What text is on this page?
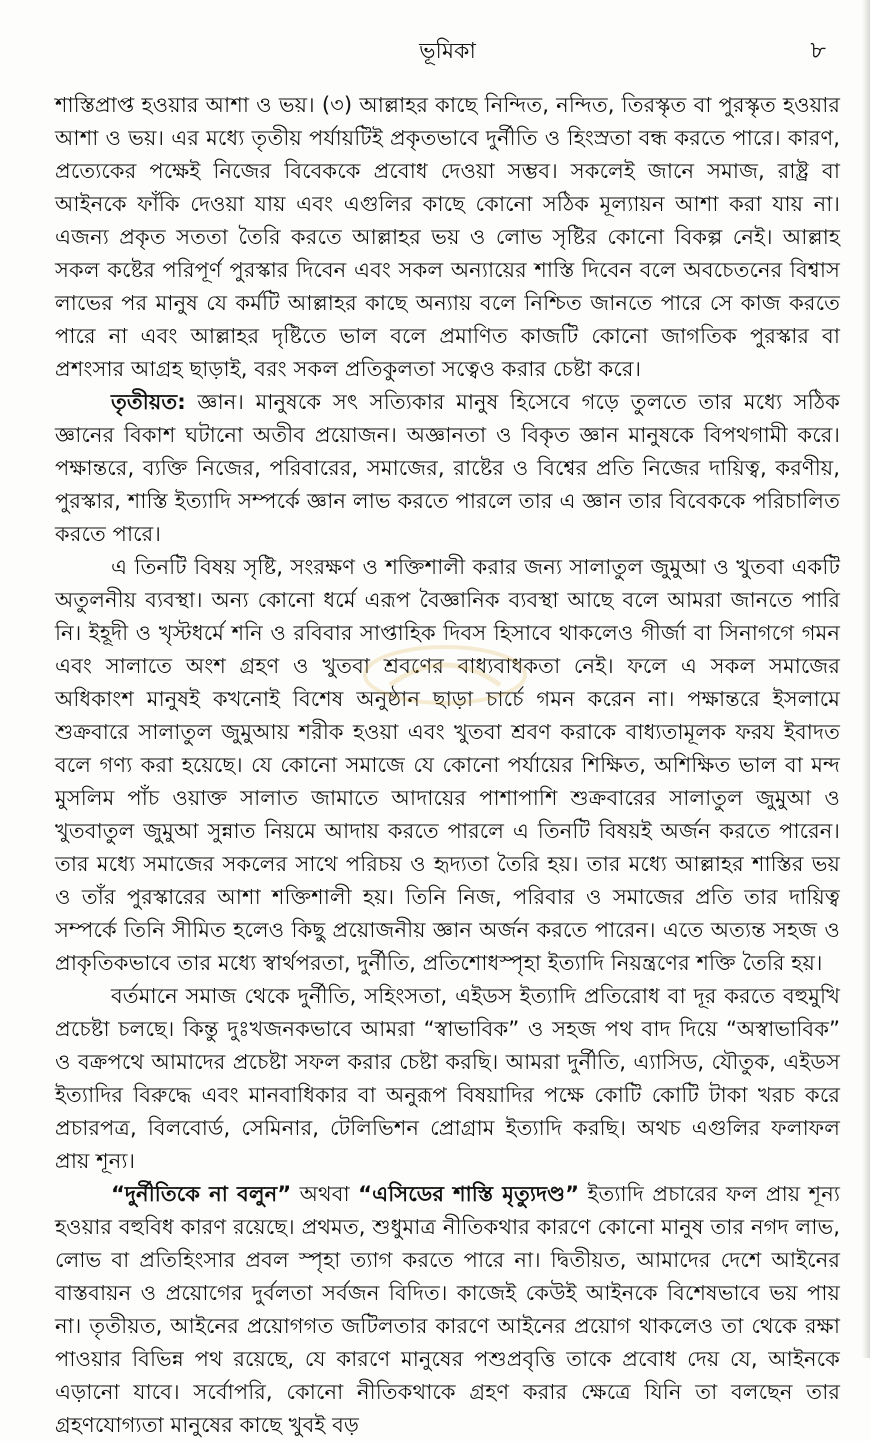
ভূমিকা	৮

শাস্তিপ্রাপ্ত হওয়ার আশা ও ভয়। (৩) আল্লাহর কাছে নিন্দিত, নন্দিত, তিরস্কৃত বা পুরস্কৃত হওয়ার আশা ও ভয়। এর মধ্যে তৃতীয় পর্যায়টিই প্রকৃতভাবে দুর্নীতি ও হিংস্রতা বন্ধ করতে পারে। কারণ, প্রত্যেকের পক্ষেই নিজের বিবেককে প্রবোধ দেওয়া সম্ভব। সকলেই জানে সমাজ, রাষ্ট্র বা আইনকে ফাঁকি দেওয়া যায় এবং এগুলির কাছে কোনো সঠিক মূল্যায়ন আশা করা যায় না। এজন্য প্রকৃত সততা তৈরি করতে আল্লাহর ভয় ও লোভ সৃষ্টির কোনো বিকল্প নেই। আল্লাহ সকল কষ্টের পরিপূর্ণ পুরস্কার দিবেন এবং সকল অন্যায়ের শাস্তি দিবেন বলে অবচেতনের বিশ্বাস লাভের পর মানুষ যে কর্মটি আল্লাহর কাছে অন্যায় বলে নিশ্চিত জানতে পারে সে কাজ করতে পারে না এবং আল্লাহর দৃষ্টিতে ভাল বলে প্রমাণিত কাজটি কোনো জাগতিক পুরস্কার বা প্রশংসার আগ্রহ ছাড়াই, বরং সকল প্রতিকুলতা সত্বেও করার চেষ্টা করে।

তৃতীয়ত: জ্ঞান। মানুষকে সৎ সত্যিকার মানুষ হিসেবে গড়ে তুলতে তার মধ্যে সঠিক জ্ঞানের বিকাশ ঘটানো অতীব প্রয়োজন। অজ্ঞানতা ও বিকৃত জ্ঞান মানুষকে বিপথগামী করে। পক্ষান্তরে, ব্যক্তি নিজের, পরিবারের, সমাজের, রাষ্টের ও বিশ্বের প্রতি নিজের দায়িত্ব, করণীয়, পুরস্কার, শাস্তি ইত্যাদি সম্পর্কে জ্ঞান লাভ করতে পারলে তার এ জ্ঞান তার বিবেককে পরিচালিত করতে পারে।

এ তিনটি বিষয় সৃষ্টি, সংরক্ষণ ও শক্তিশালী করার জন্য সালাতুল জুমুআ ও খুতবা একটি অতুলনীয় ব্যবস্থা। অন্য কোনো ধর্মে এরূপ বৈজ্ঞানিক ব্যবস্থা আছে বলে আমরা জানতে পারি নি। ইহূদী ও খৃস্টধর্মে শনি ও রবিবার সাপ্তাহিক দিবস হিসাবে থাকলেও গীর্জা বা সিনাগগে গমন এবং সালাতে অংশ গ্রহণ ও খুতবা শ্রবণের বাধ্যবাধকতা নেই। ফলে এ সকল সমাজের অধিকাংশ মানুষই কখনোই বিশেষ অনুষ্ঠান ছাড়া চার্চে গমন করেন না। পক্ষান্তরে ইসলামে শুক্রবারে সালাতুল জুমুআয় শরীক হওয়া এবং খুতবা শ্রবণ করাকে বাধ্যতামূলক ফরয ইবাদত বলে গণ্য করা হয়েছে। যে কোনো সমাজে যে কোনো পর্যায়ের শিক্ষিত, অশিক্ষিত ভাল বা মন্দ মুসলিম পাঁচ ওয়াক্ত সালাত জামাতে আদায়ের পাশাপাশি শুক্রবারের সালাতুল জুমুআ ও খুতবাতুল জুমুআ সুন্নাত নিয়মে আদায় করতে পারলে এ তিনটি বিষয়ই অর্জন করতে পারেন। তার মধ্যে সমাজের সকলের সাথে পরিচয় ও হৃদ্যতা তৈরি হয়। তার মধ্যে আল্লাহর শাস্তির ভয় ও তাঁর পুরস্কারের আশা শক্তিশালী হয়। তিনি নিজ, পরিবার ও সমাজের প্রতি তার দায়িত্ব সম্পর্কে তিনি সীমিত হলেও কিছু প্রয়োজনীয় জ্ঞান অর্জন করতে পারেন। এতে অত্যন্ত সহজ ও প্রাকৃতিকভাবে তার মধ্যে স্বার্থপরতা, দুর্নীতি, প্রতিশোধস্পৃহা ইত্যাদি নিয়ন্ত্রণের শক্তি তৈরি হয়।

বর্তমানে সমাজ থেকে দুর্নীতি, সহিংসতা, এইডস ইত্যাদি প্রতিরোধ বা দূর করতে বহুমুখি প্রচেষ্টা চলছে। কিন্তু দুঃখজনকভাবে আমরা “স্বাভাবিক” ও সহজ পথ বাদ দিয়ে “অস্বাভাবিক” ও বক্রপথে আমাদের প্রচেষ্টা সফল করার চেষ্টা করছি। আমরা দুর্নীতি, এ্যাসিড, যৌতুক, এইডস ইত্যাদির বিরুদ্ধে এবং মানবাধিকার বা অনুরূপ বিষয়াদির পক্ষে কোটি কোটি টাকা খরচ করে প্রচারপত্র, বিলবোর্ড, সেমিনার, টেলিভিশন প্রোগ্রাম ইত্যাদি করছি। অথচ এগুলির ফলাফল প্রায় শূন্য।

“দুর্নীতিকে না বলুন” অথবা “এসিডের শাস্তি মৃত্যুদণ্ড” ইত্যাদি প্রচারের ফল প্রায় শূন্য হওয়ার বহুবিধ কারণ রয়েছে। প্রথমত, শুধুমাত্র নীতিকথার কারণে কোনো মানুষ তার নগদ লাভ, লোভ বা প্রতিহিংসার প্রবল স্পৃহা ত্যাগ করতে পারে না। দ্বিতীয়ত, আমাদের দেশে আইনের বাস্তবায়ন ও প্রয়োগের দুর্বলতা সর্বজন বিদিত। কাজেই কেউই আইনকে বিশেষভাবে ভয় পায় না। তৃতীয়ত, আইনের প্রয়োগগত জটিলতার কারণে আইনের প্রয়োগ থাকলেও তা থেকে রক্ষা পাওয়ার বিভিন্ন পথ রয়েছে, যে কারণে মানুষের পশুপ্রবৃত্তি তাকে প্রবোধ দেয় যে, আইনকে এড়ানো যাবে। সর্বোপরি, কোনো নীতিকথাকে গ্রহণ করার ক্ষেত্রে যিনি তা বলছেন তার গ্রহণযোগ্যতা মানুষের কাছে খুবই বড়
